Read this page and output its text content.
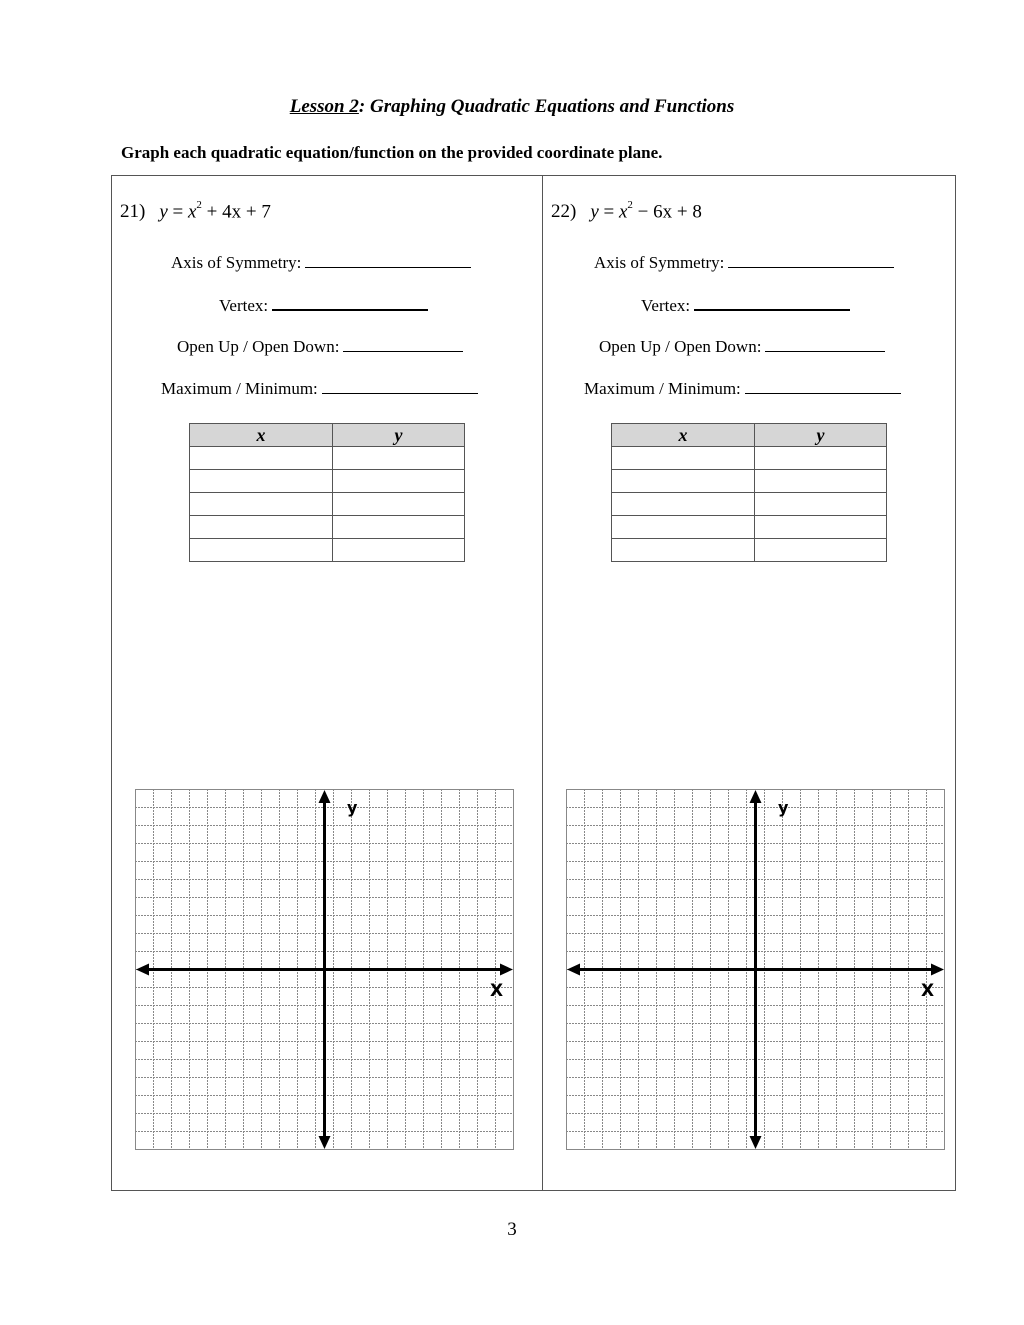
Lesson 2: Graphing Quadratic Equations and Functions
Graph each quadratic equation/function on the provided coordinate plane.
21) $y = x^2 + 4x + 7$
Axis of Symmetry:
Vertex:
Open Up / Open Down:
Maximum / Minimum:
x	y

y
X
22) $y = x^2 - 6x + 8$
Axis of Symmetry:
Vertex:
Open Up / Open Down:
Maximum / Minimum:
x	y

y
X
3
